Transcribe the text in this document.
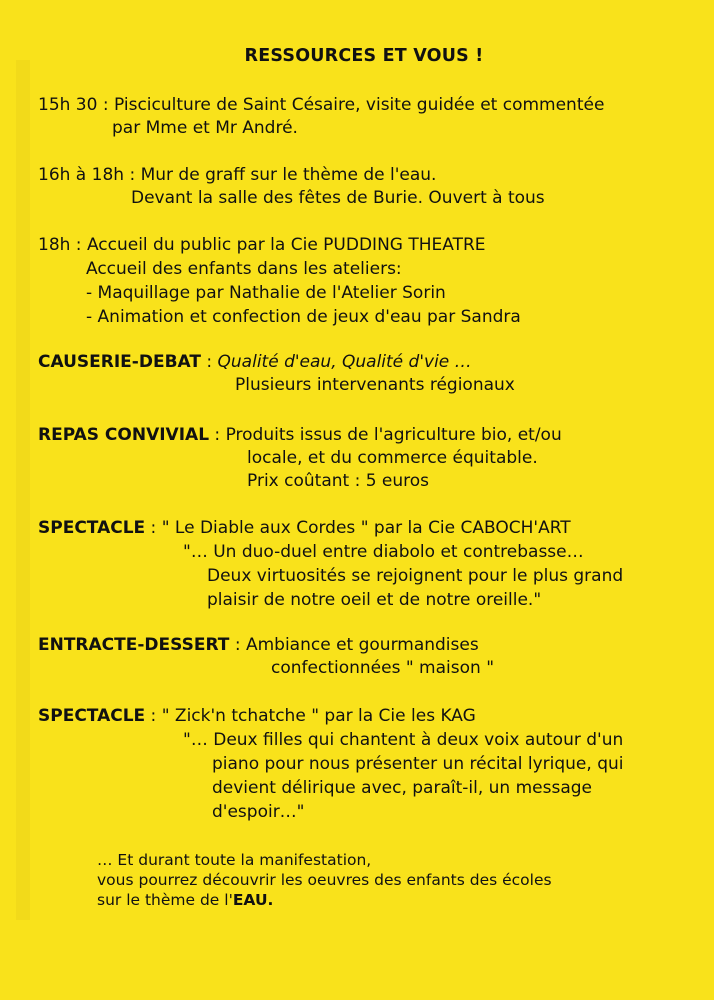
RESSOURCES ET VOUS !
15h 30 : Pisciculture de Saint Césaire, visite guidée et commentée
par Mme et Mr André.
16h à 18h : Mur de graff sur le thème de l'eau.
Devant la salle des fêtes de Burie. Ouvert à tous
18h : Accueil du public par la Cie PUDDING THEATRE
Accueil des enfants dans les ateliers:
- Maquillage par Nathalie de l'Atelier Sorin
- Animation et confection de jeux d'eau par Sandra
CAUSERIE-DEBAT : Qualité d'eau, Qualité d'vie …
Plusieurs intervenants régionaux
REPAS CONVIVIAL : Produits issus de l'agriculture bio, et/ou
locale, et du commerce équitable.
Prix coûtant : 5 euros
SPECTACLE : " Le Diable aux Cordes " par la Cie CABOCH'ART
"… Un duo-duel entre diabolo et contrebasse…
Deux virtuosités se rejoignent pour le plus grand
plaisir de notre oeil et de notre oreille."
ENTRACTE-DESSERT : Ambiance et gourmandises
confectionnées " maison "
SPECTACLE : " Zick'n tchatche " par la Cie les KAG
"… Deux filles qui chantent à deux voix autour d'un
piano pour nous présenter un récital lyrique, qui
devient délirique avec, paraît-il, un message
d'espoir…"
… Et durant toute la manifestation,
vous pourrez découvrir les oeuvres des enfants des écoles
sur le thème de l'EAU.
